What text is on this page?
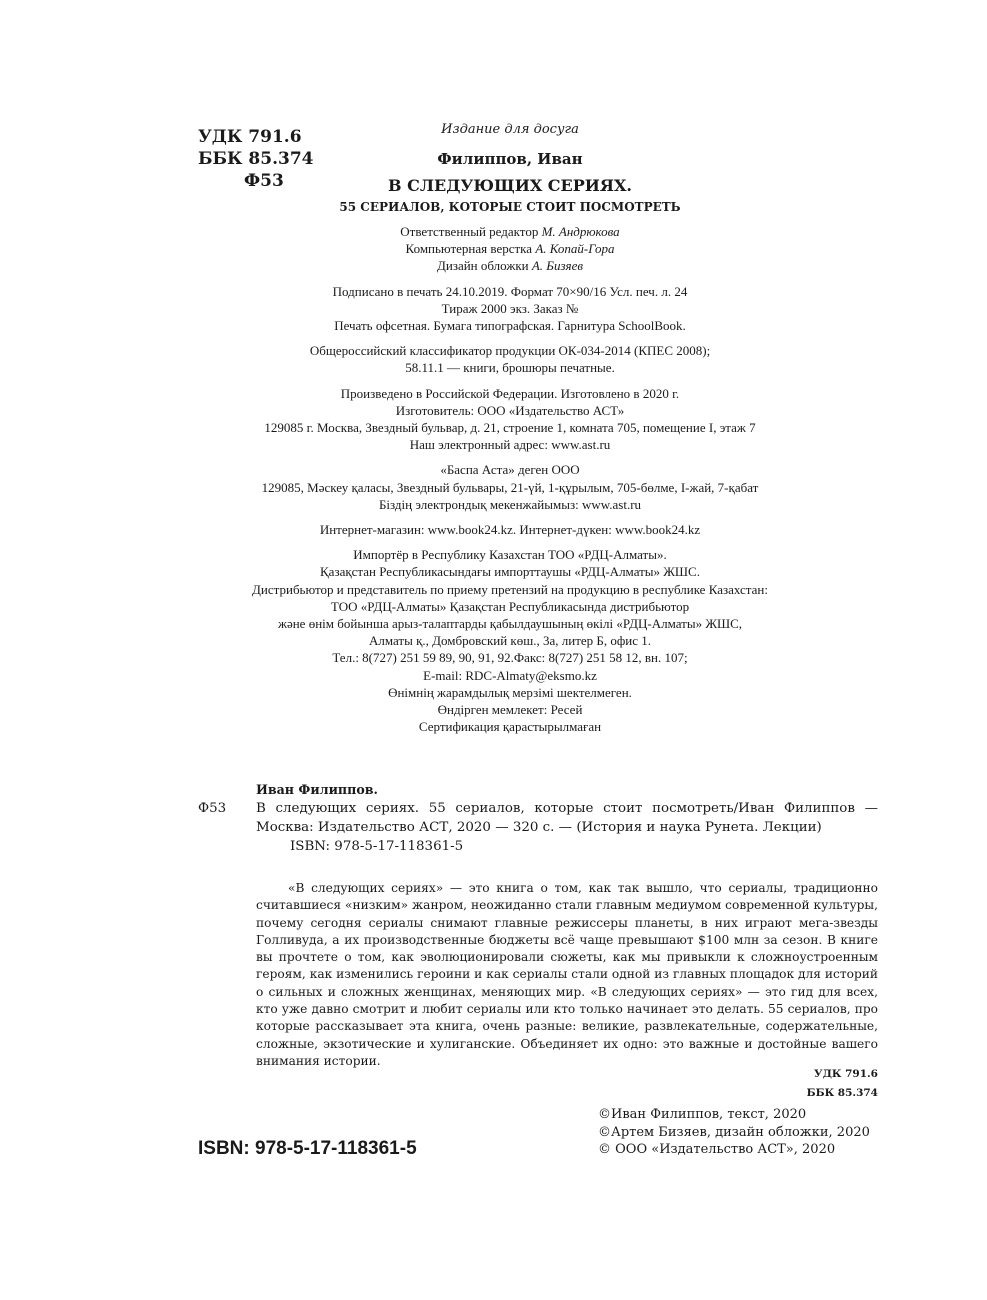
УДК 791.6
ББК 85.374
Ф53
Издание для досуга
Филиппов, Иван
В СЛЕДУЮЩИХ СЕРИЯХ.
55 СЕРИАЛОВ, КОТОРЫЕ СТОИТ ПОСМОТРЕТЬ

Ответственный редактор М. Андрюкова

Компьютерная верстка А. Копай-Гора

Дизайн обложки А. Бизяев

Подписано в печать 24.10.2019. Формат 70×90/16 Усл. печ. л. 24

Тираж 2000 экз. Заказ №

Печать офсетная. Бумага типографская. Гарнитура SchoolBook.

Общероссийский классификатор продукции ОК-034-2014 (КПЕС 2008);

58.11.1 — книги, брошюры печатные.

Произведено в Российской Федерации. Изготовлено в 2020 г.

Изготовитель: ООО «Издательство АСТ»

129085 г. Москва, Звездный бульвар, д. 21, строение 1, комната 705, помещение I, этаж 7

Наш электронный адрес: www.ast.ru

«Баспа Аста» деген ООО

129085, Мәскеу қаласы, Звездный бульвары, 21-үй, 1-құрылым, 705-бөлме, I-жай, 7-қабат

Біздің электрондық мекенжайымыз: www.ast.ru

Интернет-магазин: www.book24.kz. Интернет-дүкен: www.book24.kz

Импортёр в Республику Казахстан ТОО «РДЦ-Алматы».

Қазақстан Республикасындағы импорттаушы «РДЦ-Алматы» ЖШС.

Дистрибьютор и представитель по приему претензий на продукцию в республике Казахстан:

ТОО «РДЦ-Алматы» Қазақстан Республикасында дистрибьютор

және өнім бойынша арыз-талаптарды қабылдаушының өкілі «РДЦ-Алматы» ЖШС,

Алматы қ., Домбровский көш., 3а, литер Б, офис 1.

Тел.: 8(727) 251 59 89, 90, 91, 92.Факс: 8(727) 251 58 12, вн. 107;

E-mail: RDC-Almaty@eksmo.kz

Өнімнің жарамдылық мерзімі шектелмеген.

Өндірген мемлекет: Ресей

Сертификация қарастырылмаған

Иван Филиппов.
Ф53	В следующих сериях. 55 сериалов, которые стоит посмотреть/Иван Филиппов — Москва: Издательство АСТ, 2020 — 320 с. — (История и наука Рунета. Лекции)
ISBN: 978-5-17-118361-5
«В следующих сериях» — это книга о том, как так вышло, что сериалы, традиционно считавшиеся «низким» жанром, неожиданно стали главным медиумом современной культуры, почему сегодня сериалы снимают главные режиссеры планеты, в них играют мега-звезды Голливуда, а их производственные бюджеты всё чаще превышают $100 млн за сезон. В книге вы прочтете о том, как эволюционировали сюжеты, как мы привыкли к сложноустроенным героям, как изменились героини и как сериалы стали одной из главных площадок для историй о сильных и сложных женщинах, меняющих мир. «В следующих сериях» — это гид для всех, кто уже давно смотрит и любит сериалы или кто только начинает это делать. 55 сериалов, про которые рассказывает эта книга, очень разные: великие, развлекательные, содержательные, сложные, экзотические и хулиганские. Объединяет их одно: это важные и достойные вашего внимания истории.
УДК 791.6
ББК 85.374
ISBN: 978-5-17-118361-5
©Иван Филиппов, текст, 2020
©Артем Бизяев, дизайн обложки, 2020
© ООО «Издательство АСТ», 2020
